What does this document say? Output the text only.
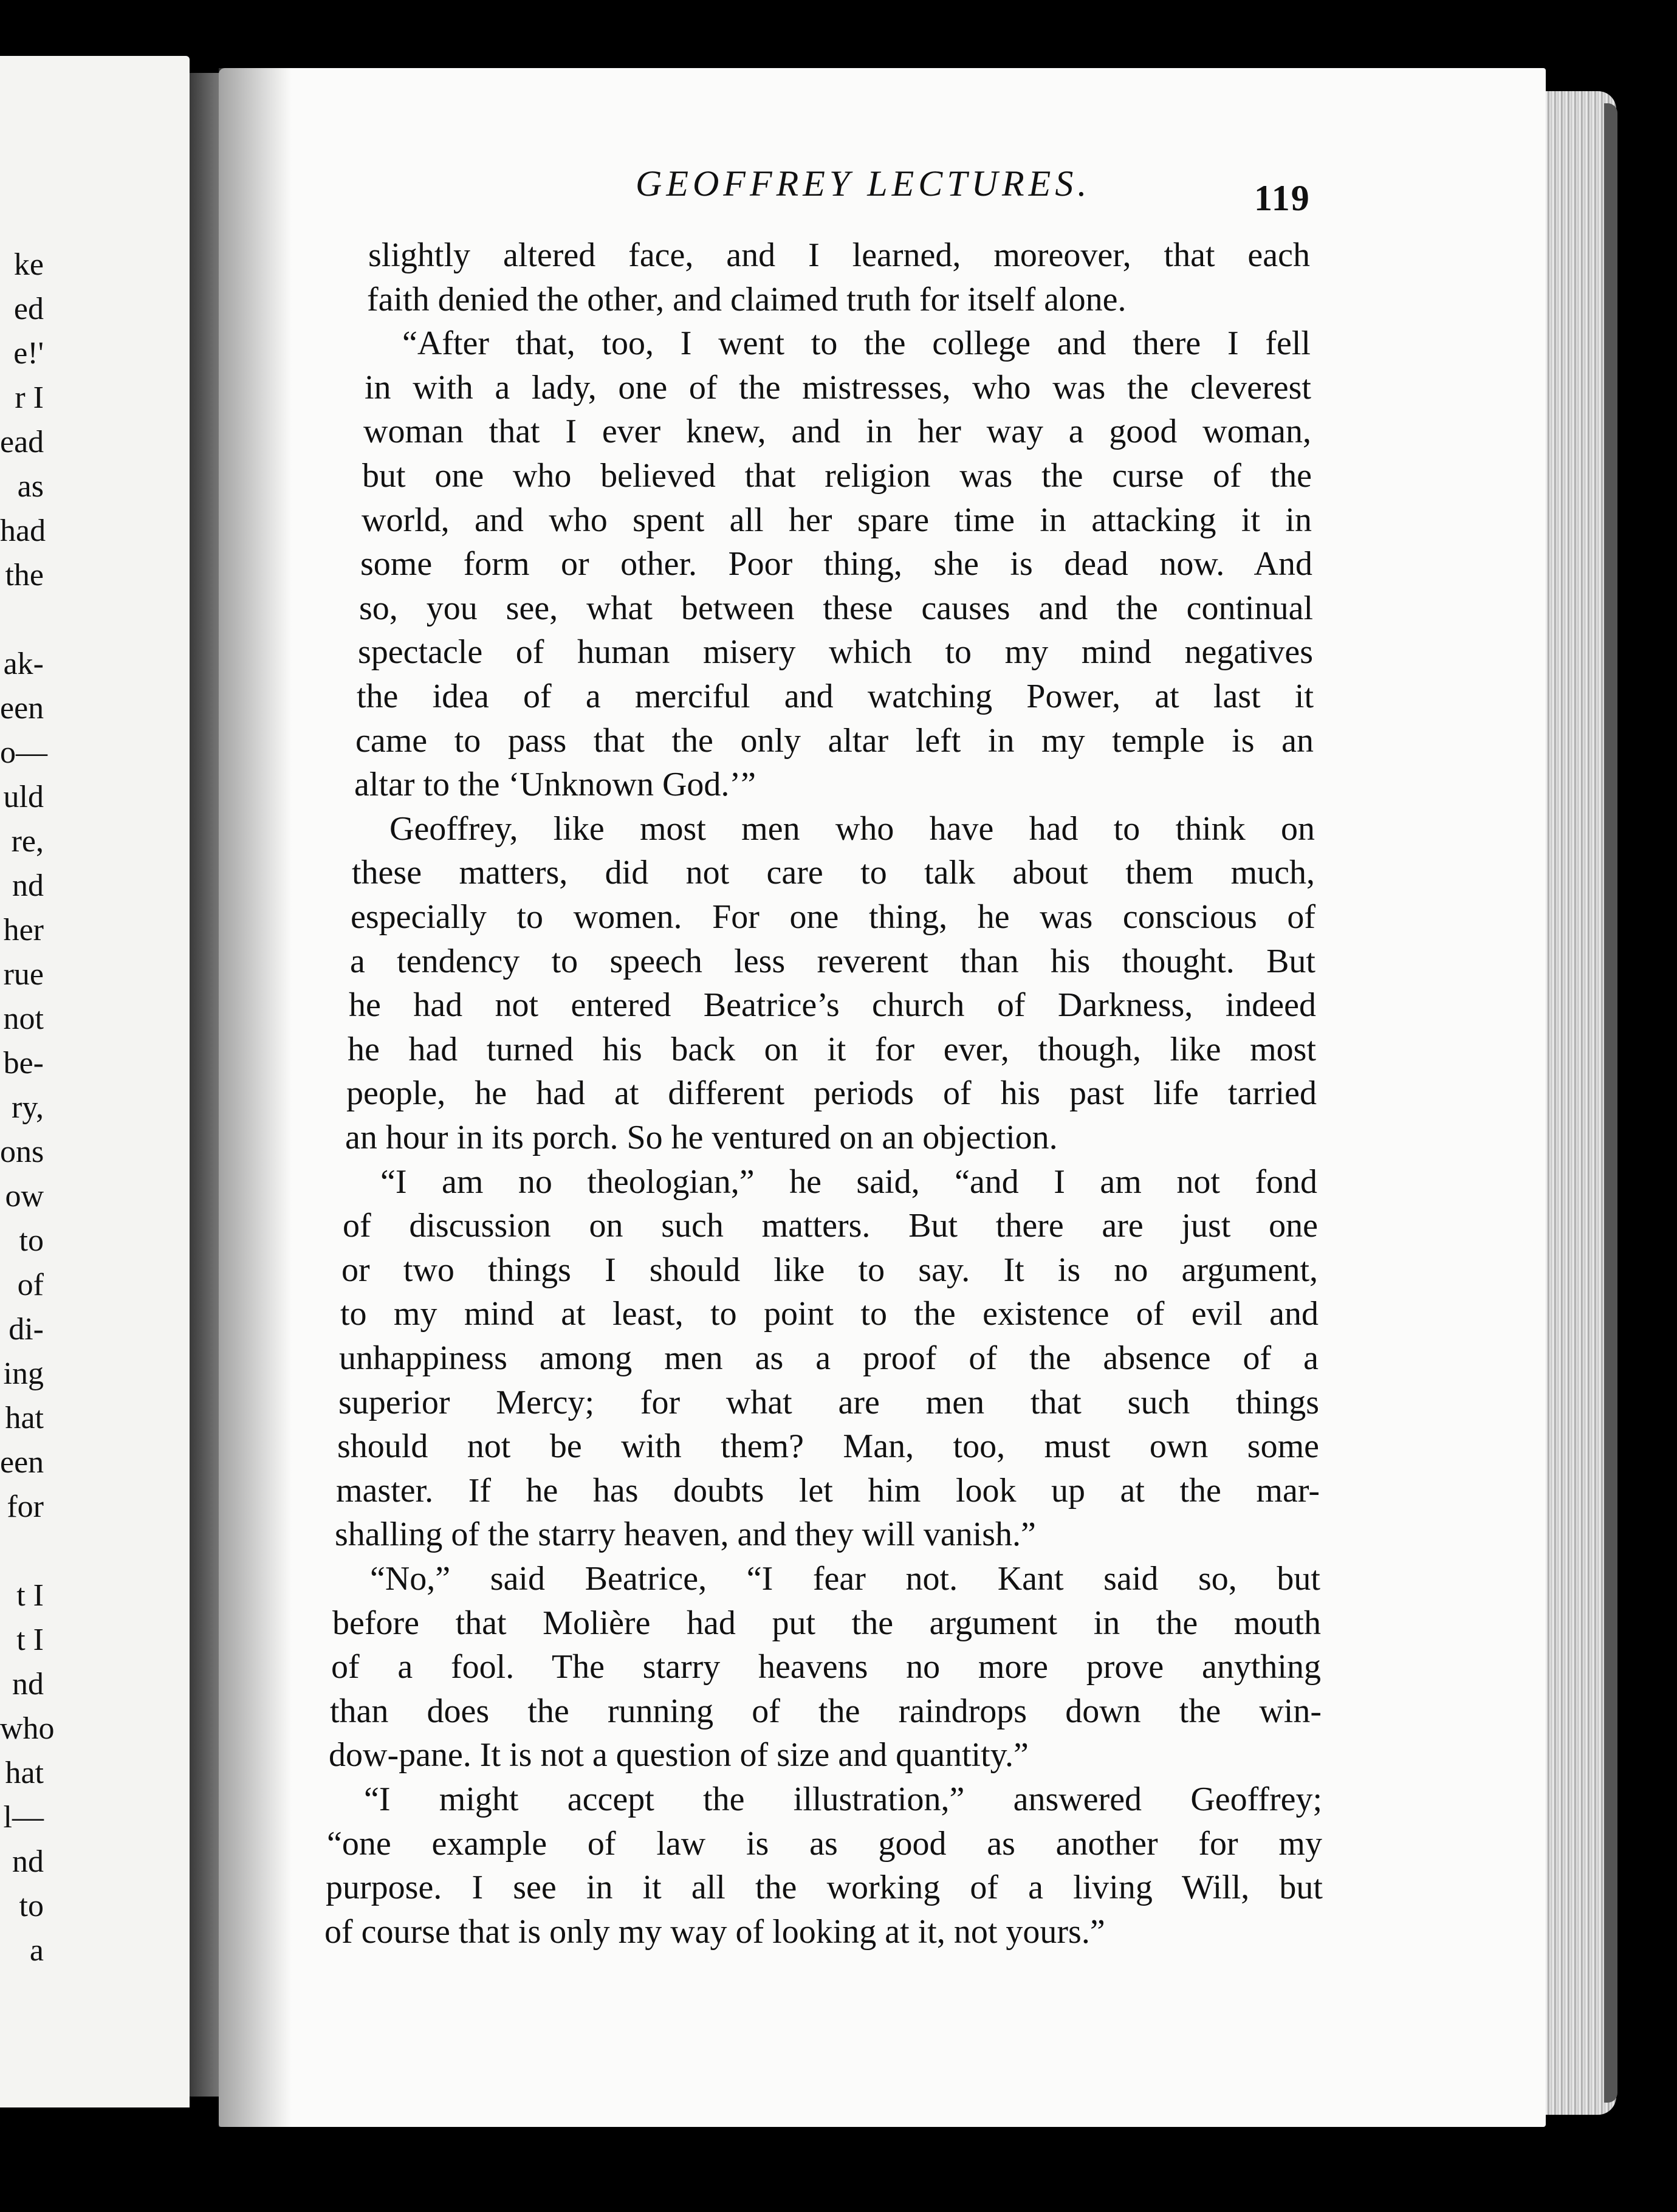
ke
ed
e!'
r I
ead
as
had
the
ak-
een
o—
uld
re,
nd
her
rue
not
be-
ry,
ons
ow
to
of
di-
ing
hat
een
for
t I
t I
nd
who
hat
l—
nd
to
a
GEOFFREY LECTURES.	119
slightly altered face, and I learned, moreover, that each
faith denied the other, and claimed truth for itself alone.
“After that, too, I went to the college and there I fell
in with a lady, one of the mistresses, who was the cleverest
woman that I ever knew, and in her way a good woman,
but one who believed that religion was the curse of the
world, and who spent all her spare time in attacking it in
some form or other. Poor thing, she is dead now. And
so, you see, what between these causes and the continual
spectacle of human misery which to my mind negatives
the idea of a merciful and watching Power, at last it
came to pass that the only altar left in my temple is an
altar to the ‘Unknown God.’”
Geoffrey, like most men who have had to think on
these matters, did not care to talk about them much,
especially to women. For one thing, he was conscious of
a tendency to speech less reverent than his thought. But
he had not entered Beatrice’s church of Darkness, indeed
he had turned his back on it for ever, though, like most
people, he had at different periods of his past life tarried
an hour in its porch. So he ventured on an objection.
“I am no theologian,” he said, “and I am not fond
of discussion on such matters. But there are just one
or two things I should like to say. It is no argument,
to my mind at least, to point to the existence of evil and
unhappiness among men as a proof of the absence of a
superior Mercy; for what are men that such things
should not be with them? Man, too, must own some
master. If he has doubts let him look up at the mar-
shalling of the starry heaven, and they will vanish.”
“No,” said Beatrice, “I fear not. Kant said so, but
before that Molière had put the argument in the mouth
of a fool. The starry heavens no more prove anything
than does the running of the raindrops down the win-
dow-pane. It is not a question of size and quantity.”
“I might accept the illustration,” answered Geoffrey;
“one example of law is as good as another for my
purpose. I see in it all the working of a living Will, but
of course that is only my way of looking at it, not yours.”
